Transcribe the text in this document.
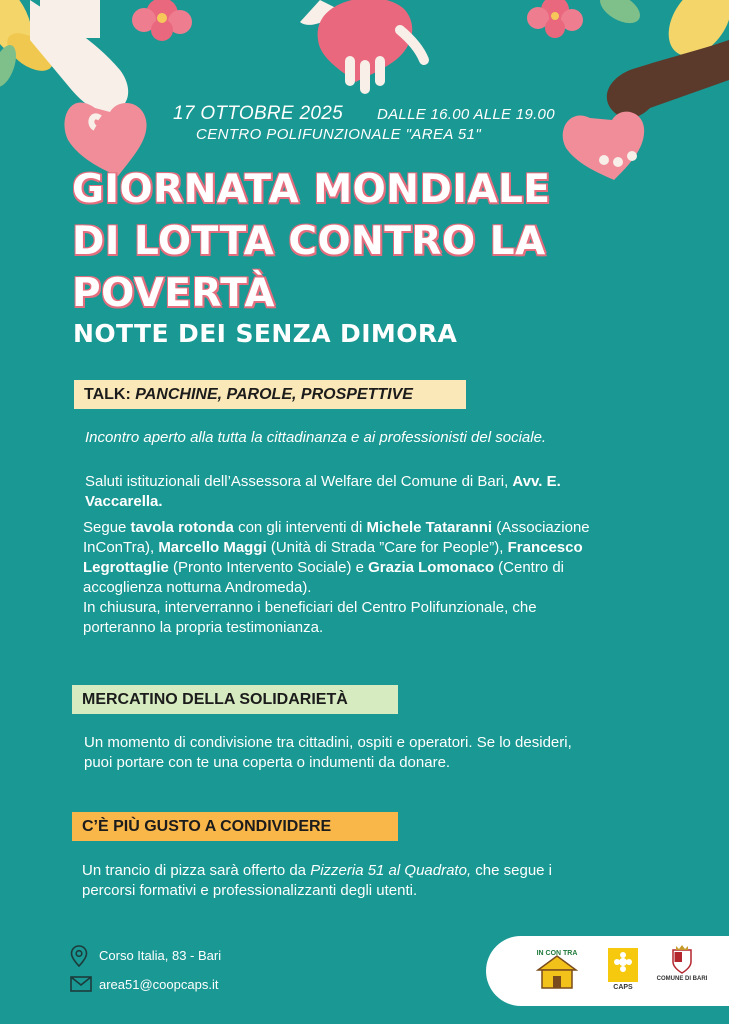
17 OTTOBRE 2025 DALLE 16.00 ALLE 19.00
CENTRO POLIFUNZIONALE "AREA 51"
GIORNATA MONDIALE
DI LOTTA CONTRO LA
POVERTÀ
NOTTE DEI SENZA DIMORA
TALK: PANCHINE, PAROLE, PROSPETTIVE

Incontro aperto alla tutta la cittadinanza e ai professionisti del sociale.

Saluti istituzionali dell’Assessora al Welfare del Comune di Bari, Avv. E. Vaccarella.

Segue tavola rotonda con gli interventi di Michele Tataranni (Associazione InConTra), Marcello Maggi (Unità di Strada ”Care for People”), Francesco Legrottaglie (Pronto Intervento Sociale) e Grazia Lomonaco (Centro di accoglienza notturna Andromeda).
In chiusura, interverranno i beneficiari del Centro Polifunzionale, che porteranno la propria testimonianza.

MERCATINO DELLA SOLIDARIETÀ

Un momento di condivisione tra cittadini, ospiti e operatori. Se lo desideri, puoi portare con te una coperta o indumenti da donare.

C’È PIÙ GUSTO A CONDIVIDERE

Un trancio di pizza sarà offerto da Pizzeria 51 al Quadrato, che segue i percorsi formativi e professionalizzanti degli utenti.

Corso Italia, 83 - Bari
area51@coopcaps.it
IN CON TRA
CAPS
COMUNE DI BARI
